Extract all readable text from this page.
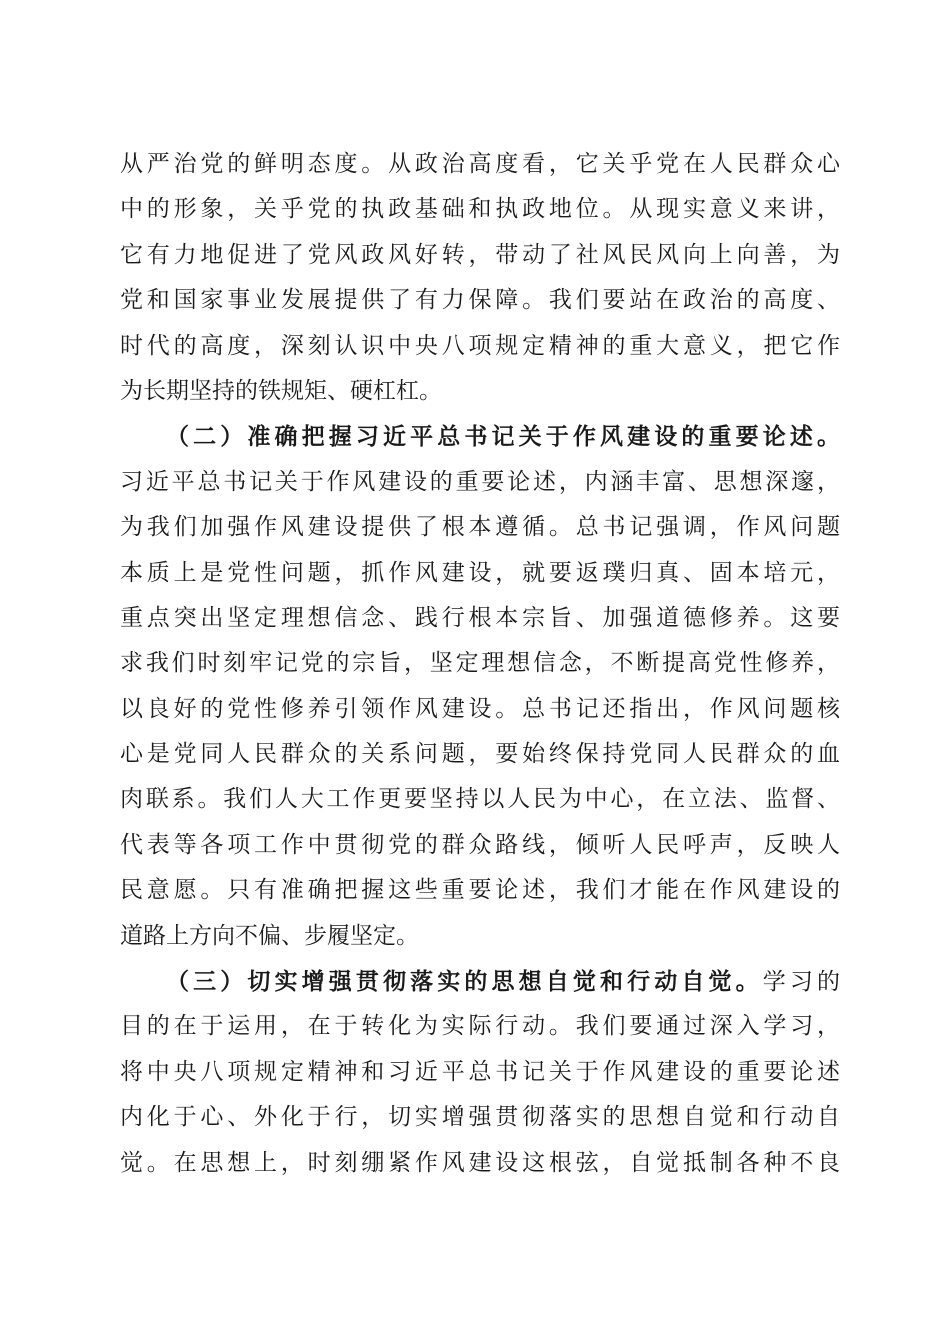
从严治党的鲜明态度。从政治高度看，它关乎党在人民群众心
中的形象，关乎党的执政基础和执政地位。从现实意义来讲，
它有力地促进了党风政风好转，带动了社风民风向上向善，为
党和国家事业发展提供了有力保障。我们要站在政治的高度、
时代的高度，深刻认识中央八项规定精神的重大意义，把它作
为长期坚持的铁规矩、硬杠杠。
（二）准确把握习近平总书记关于作风建设的重要论述。
习近平总书记关于作风建设的重要论述，内涵丰富、思想深邃，
为我们加强作风建设提供了根本遵循。总书记强调，作风问题
本质上是党性问题，抓作风建设，就要返璞归真、固本培元，
重点突出坚定理想信念、践行根本宗旨、加强道德修养。这要
求我们时刻牢记党的宗旨，坚定理想信念，不断提高党性修养，
以良好的党性修养引领作风建设。总书记还指出，作风问题核
心是党同人民群众的关系问题，要始终保持党同人民群众的血
肉联系。我们人大工作更要坚持以人民为中心，在立法、监督、
代表等各项工作中贯彻党的群众路线，倾听人民呼声，反映人
民意愿。只有准确把握这些重要论述，我们才能在作风建设的
道路上方向不偏、步履坚定。
（三）切实增强贯彻落实的思想自觉和行动自觉。学习的
目的在于运用，在于转化为实际行动。我们要通过深入学习，
将中央八项规定精神和习近平总书记关于作风建设的重要论述
内化于心、外化于行，切实增强贯彻落实的思想自觉和行动自
觉。在思想上，时刻绷紧作风建设这根弦，自觉抵制各种不良
